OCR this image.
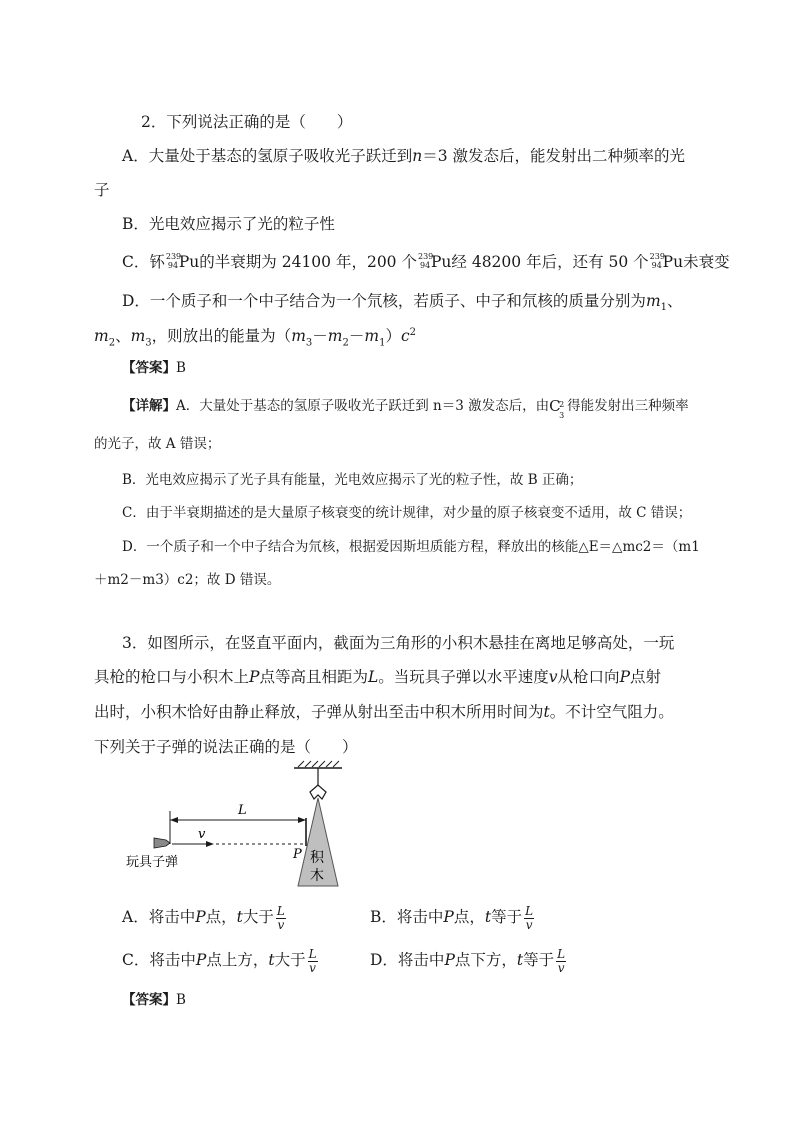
2．下列说法正确的是（　　）
A．大量处于基态的氢原子吸收光子跃迁到n＝3 激发态后，能发射出二种频率的光
子
B．光电效应揭示了光的粒子性
C．钚 239
94 Pu的半衰期为 24100 年，200 个 239
94 Pu经 48200 年后，还有 50 个 239
94 Pu未衰变
D．一个质子和一个中子结合为一个氘核，若质子、中子和氘核的质量分别为$m_1$、
$m_2$、$m_3$，则放出的能量为$(m_3-m_2-m_1)c^2$
【答案】B
【详解】A．大量处于基态的氢原子吸收光子跃迁到 n＝3 激发态后，由 C
2
3
得能发射出三种频率
的光子，故 A 错误；
B．光电效应揭示了光子具有能量，光电效应揭示了光的粒子性，故 B 正确；
C．由于半衰期描述的是大量原子核衰变的统计规律，对少量的原子核衰变不适用，故 C 错误；
D．一个质子和一个中子结合为氘核，根据爱因斯坦质能方程，释放出的核能△E＝△mc2＝（m1
＋m2－m3）c2；故 D 错误。
3．如图所示，在竖直平面内，截面为三角形的小积木悬挂在离地足够高处，一玩
具枪的枪口与小积木上P点等高且相距为L。当玩具子弹以水平速度v从枪口向P点射
出时，小积木恰好由静止释放，子弹从射出至击中积木所用时间为t。不计空气阻力。
下列关于子弹的说法正确的是（　　）
L
v
P
玩具子弹	积
木
A．将击中P点，t大于 $\frac{L}{v}$	B．将击中P点，t等于 $\frac{L}{v}$
C．将击中P点上方，t大于 $\frac{L}{v}$	D．将击中P点下方，t等于 $\frac{L}{v}$
【答案】B
